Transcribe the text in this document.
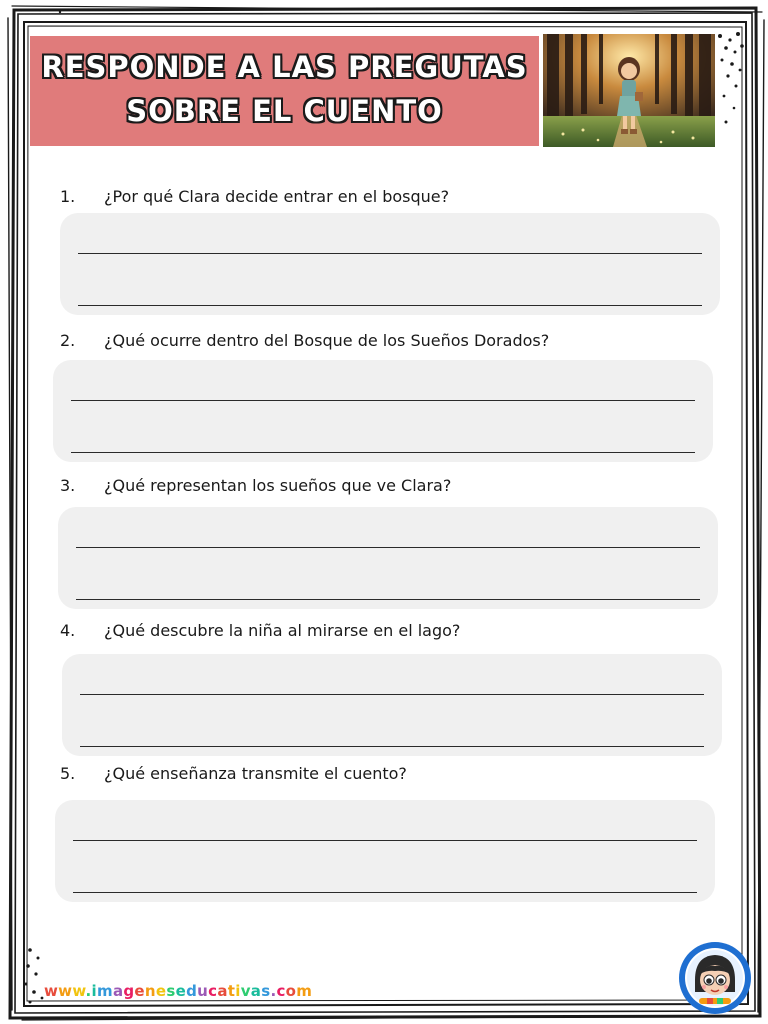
RESPONDE A LAS PREGUTAS
SOBRE EL CUENTO
1. ¿Por qué Clara decide entrar en el bosque?
2. ¿Qué ocurre dentro del Bosque de los Sueños Dorados?
3. ¿Qué representan los sueños que ve Clara?
4. ¿Qué descubre la niña al mirarse en el lago?
5. ¿Qué enseñanza transmite el cuento?
www.imageneseducativas.com
